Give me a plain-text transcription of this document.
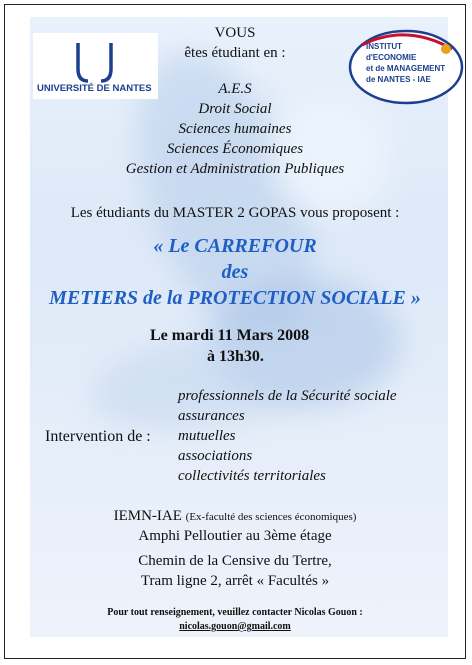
UNIVERSITÉ DE NANTES
INSTITUT
d'ECONOMIE
et de MANAGEMENT
de NANTES - IAE
VOUS
êtes étudiant en :
A.E.S
Droit Social
Sciences humaines
Sciences Économiques
Gestion et Administration Publiques
Les étudiants du MASTER 2 GOPAS vous proposent :
« Le CARREFOUR
des
METIERS de la PROTECTION SOCIALE »
Le mardi 11 Mars 2008
à 13h30.
Intervention de :
professionnels de la Sécurité sociale
assurances
mutuelles
associations
collectivités territoriales
IEMN-IAE (Ex-faculté des sciences économiques)
Amphi Pelloutier au 3ème étage
Chemin de la Censive du Tertre,
Tram ligne 2, arrêt « Facultés »
Pour tout renseignement, veuillez contacter Nicolas Gouon :
nicolas.gouon@gmail.com
